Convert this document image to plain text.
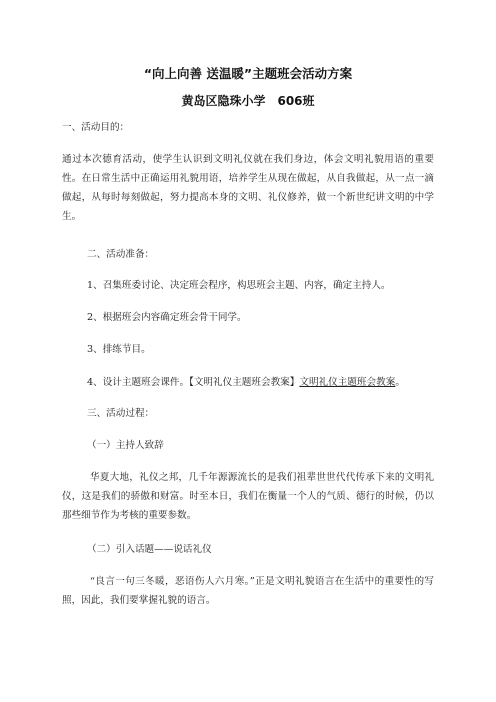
“向上向善 送温暖”主题班会活动方案
黄岛区隐珠小学　606班
一、活动目的：
通过本次德育活动，使学生认识到文明礼仪就在我们身边，体会文明礼貌用语的重要性。在日常生活中正确运用礼貌用语，培养学生从现在做起，从自我做起，从一点一滴做起，从每时每刻做起，努力提高本身的文明、礼仪修养，做一个新世纪讲文明的中学生。
二、活动准备：
1、召集班委讨论、决定班会程序，构思班会主题、内容，确定主持人。
2、根据班会内容确定班会骨干同学。
3、排练节目。
4、设计主题班会课件。【文明礼仪主题班会教案】文明礼仪主题班会教案。
三、活动过程：
（一）主持人致辞
华夏大地，礼仪之邦，几千年源源流长的是我们祖辈世世代代传承下来的文明礼仪，这是我们的骄傲和财富。时至本日，我们在衡量一个人的气质、德行的时候，仍以那些细节作为考核的重要参数。
（二）引入话题——说话礼仪
“良言一句三冬暖，恶语伤人六月寒。”正是文明礼貌语言在生活中的重要性的写照，因此，我们要掌握礼貌的语言。
